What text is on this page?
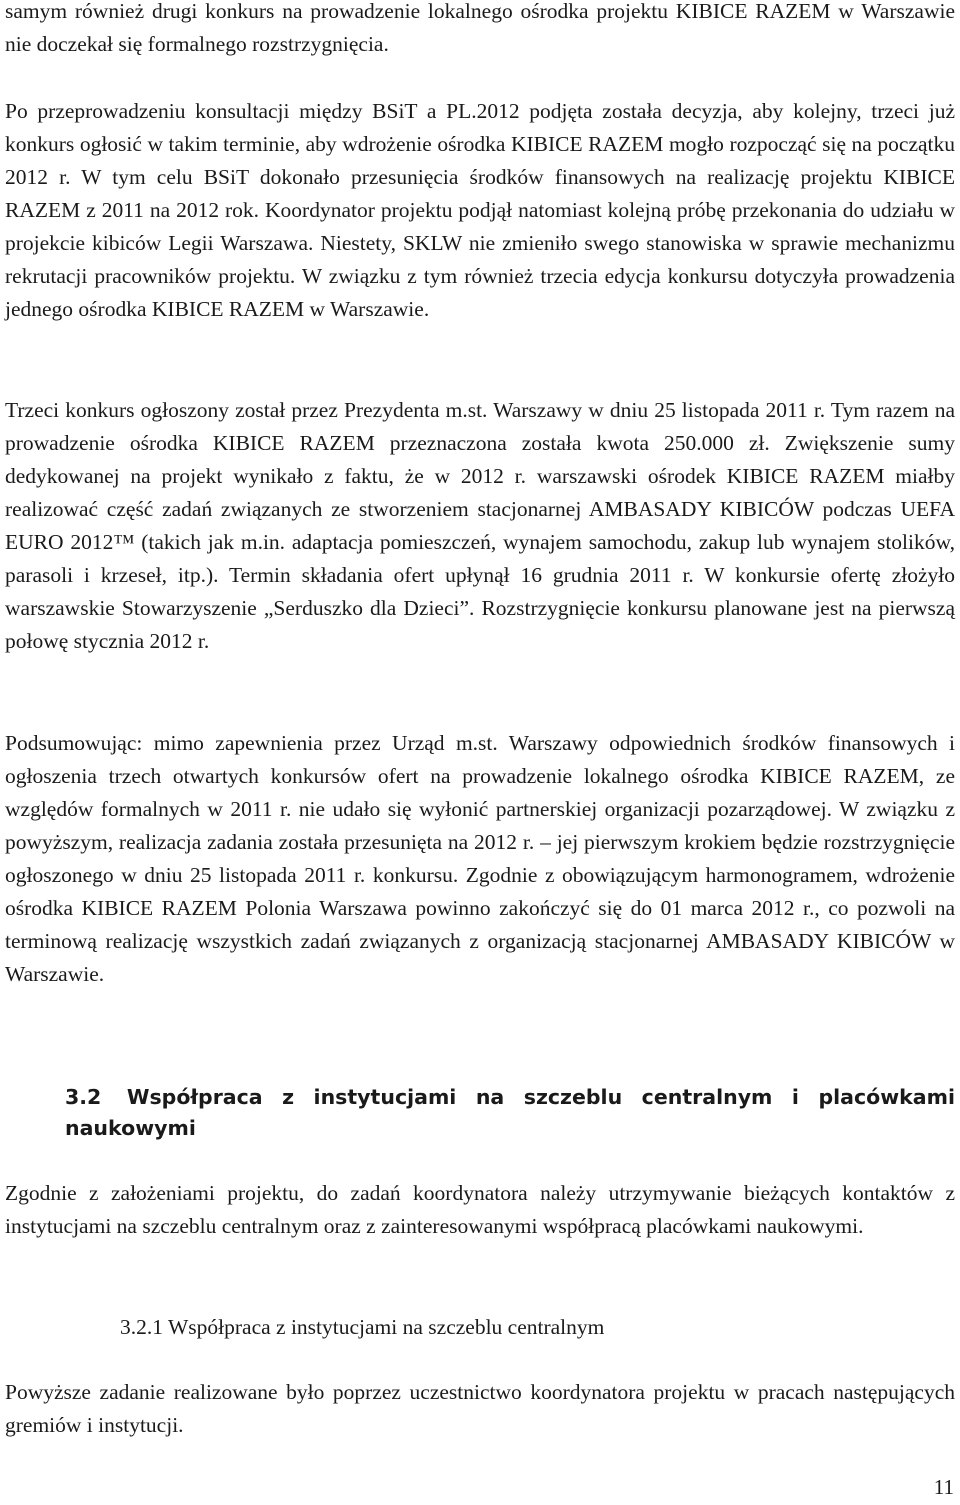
samym również drugi konkurs na prowadzenie lokalnego ośrodka projektu KIBICE RAZEM w Warszawie nie doczekał się formalnego rozstrzygnięcia.

Po przeprowadzeniu konsultacji między BSiT a PL.2012 podjęta została decyzja, aby kolejny, trzeci już konkurs ogłosić w takim terminie, aby wdrożenie ośrodka KIBICE RAZEM mogło rozpocząć się na początku 2012 r. W tym celu BSiT dokonało przesunięcia środków finansowych na realizację projektu KIBICE RAZEM z 2011 na 2012 rok. Koordynator projektu podjął natomiast kolejną próbę przekonania do udziału w projekcie kibiców Legii Warszawa. Niestety, SKLW nie zmieniło swego stanowiska w sprawie mechanizmu rekrutacji pracowników projektu. W związku z tym również trzecia edycja konkursu dotyczyła prowadzenia jednego ośrodka KIBICE RAZEM w Warszawie.

Trzeci konkurs ogłoszony został przez Prezydenta m.st. Warszawy w dniu 25 listopada 2011 r. Tym razem na prowadzenie ośrodka KIBICE RAZEM przeznaczona została kwota 250.000 zł. Zwiększenie sumy dedykowanej na projekt wynikało z faktu, że w 2012 r. warszawski ośrodek KIBICE RAZEM miałby realizować część zadań związanych ze stworzeniem stacjonarnej AMBASADY KIBICÓW podczas UEFA EURO 2012™ (takich jak m.in. adaptacja pomieszczeń, wynajem samochodu, zakup lub wynajem stolików, parasoli i krzeseł, itp.). Termin składania ofert upłynął 16 grudnia 2011 r. W konkursie ofertę złożyło warszawskie Stowarzyszenie „Serduszko dla Dzieci”. Rozstrzygnięcie konkursu planowane jest na pierwszą połowę stycznia 2012 r.

Podsumowując: mimo zapewnienia przez Urząd m.st. Warszawy odpowiednich środków finansowych i ogłoszenia trzech otwartych konkursów ofert na prowadzenie lokalnego ośrodka KIBICE RAZEM, ze względów formalnych w 2011 r. nie udało się wyłonić partnerskiej organizacji pozarządowej. W związku z powyższym, realizacja zadania została przesunięta na 2012 r. – jej pierwszym krokiem będzie rozstrzygnięcie ogłoszonego w dniu 25 listopada 2011 r. konkursu. Zgodnie z obowiązującym harmonogramem, wdrożenie ośrodka KIBICE RAZEM Polonia Warszawa powinno zakończyć się do 01 marca 2012 r., co pozwoli na terminową realizację wszystkich zadań związanych z organizacją stacjonarnej AMBASADY KIBICÓW w Warszawie.

3.2 Współpraca z instytucjami na szczeblu centralnym i placówkami naukowymi

Zgodnie z założeniami projektu, do zadań koordynatora należy utrzymywanie bieżących kontaktów z instytucjami na szczeblu centralnym oraz z zainteresowanymi współpracą placówkami naukowymi.

3.2.1 Współpraca z instytucjami na szczeblu centralnym

Powyższe zadanie realizowane było poprzez uczestnictwo koordynatora projektu w pracach następujących gremiów i instytucji.

11
